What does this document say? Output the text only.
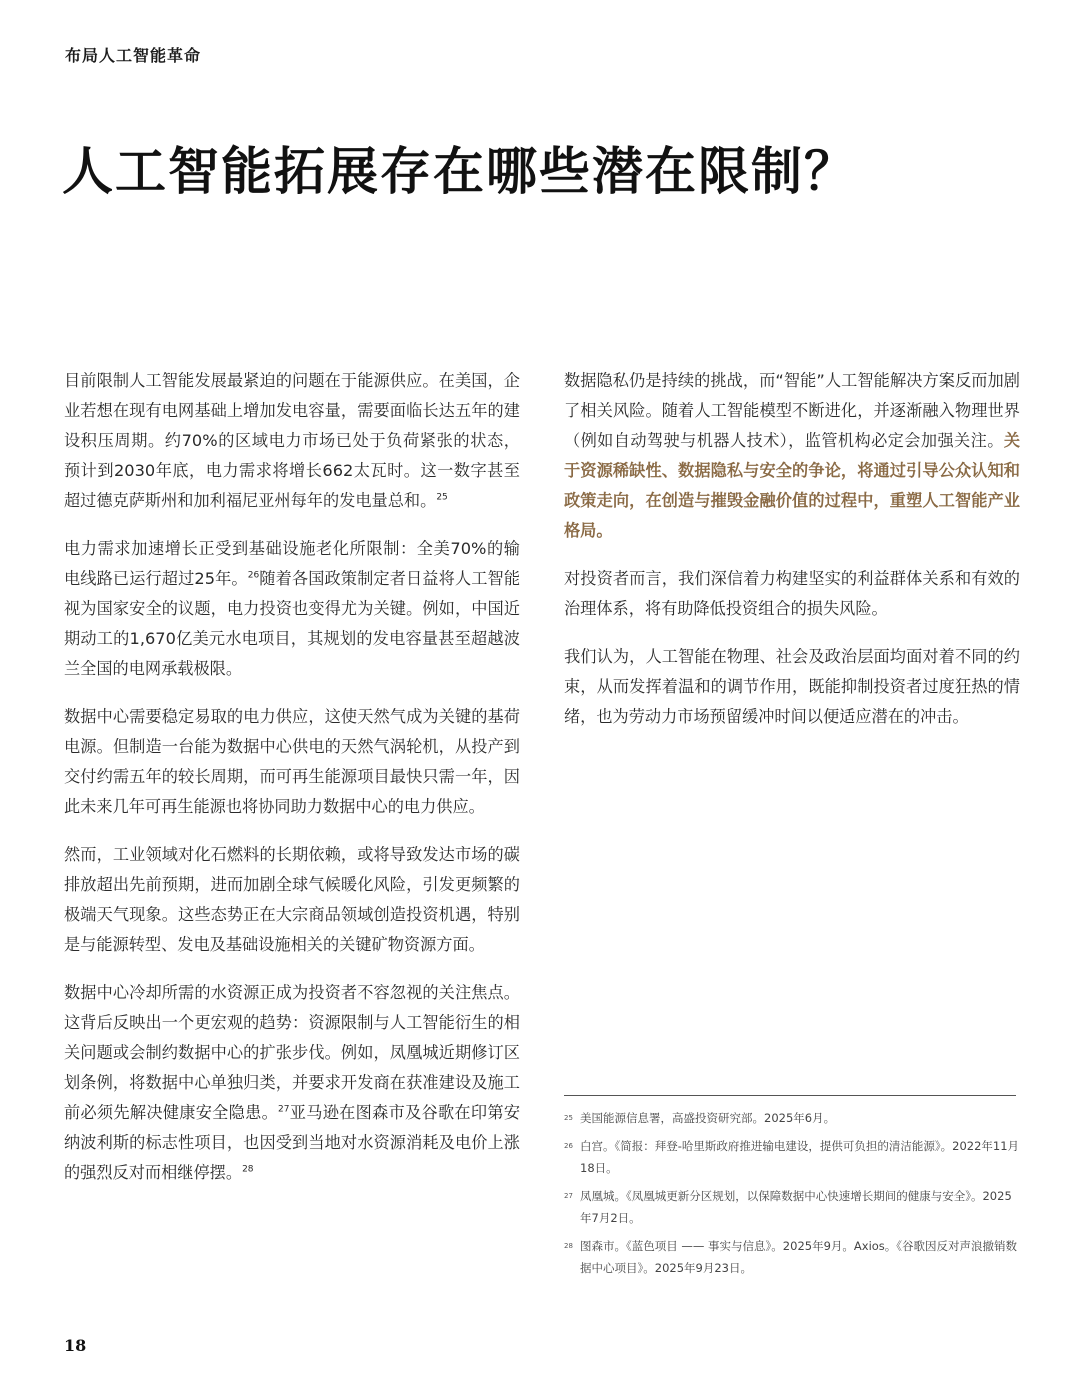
布局人工智能革命
人工智能拓展存在哪些潜在限制？

目前限制人工智能发展最紧迫的问题在于能源供应。在美国，企业若想在现有电网基础上增加发电容量，需要面临长达五年的建设积压周期。约70%的区域电力市场已处于负荷紧张的状态，预计到2030年底，电力需求将增长662太瓦时。这一数字甚至超过德克萨斯州和加利福尼亚州每年的发电量总和。$^{25}$

电力需求加速增长正受到基础设施老化所限制：全美70%的输电线路已运行超过25年。$^{26}$随着各国政策制定者日益将人工智能视为国家安全的议题，电力投资也变得尤为关键。例如，中国近期动工的1,670亿美元水电项目，其规划的发电容量甚至超越波兰全国的电网承载极限。

数据中心需要稳定易取的电力供应，这使天然气成为关键的基荷电源。但制造一台能为数据中心供电的天然气涡轮机，从投产到交付约需五年的较长周期，而可再生能源项目最快只需一年，因此未来几年可再生能源也将协同助力数据中心的电力供应。

然而，工业领域对化石燃料的长期依赖，或将导致发达市场的碳排放超出先前预期，进而加剧全球气候暖化风险，引发更频繁的极端天气现象。这些态势正在大宗商品领域创造投资机遇，特别是与能源转型、发电及基础设施相关的关键矿物资源方面。

数据中心冷却所需的水资源正成为投资者不容忽视的关注焦点。这背后反映出一个更宏观的趋势：资源限制与人工智能衍生的相关问题或会制约数据中心的扩张步伐。例如，凤凰城近期修订区划条例，将数据中心单独归类，并要求开发商在获准建设及施工前必须先解决健康安全隐患。$^{27}$亚马逊在图森市及谷歌在印第安纳波利斯的标志性项目，也因受到当地对水资源消耗及电价上涨的强烈反对而相继停摆。$^{28}$

数据隐私仍是持续的挑战，而“智能”人工智能解决方案反而加剧了相关风险。随着人工智能模型不断进化，并逐渐融入物理世界（例如自动驾驶与机器人技术），监管机构必定会加强关注。关于资源稀缺性、数据隐私与安全的争论，将通过引导公众认知和政策走向，在创造与摧毁金融价值的过程中，重塑人工智能产业格局。

对投资者而言，我们深信着力构建坚实的利益群体关系和有效的治理体系，将有助降低投资组合的损失风险。

我们认为，人工智能在物理、社会及政治层面均面对着不同的约束，从而发挥着温和的调节作用，既能抑制投资者过度狂热的情绪，也为劳动力市场预留缓冲时间以便适应潜在的冲击。

25 美国能源信息署，高盛投资研究部。2025年6月。
26 白宫。《简报：拜登-哈里斯政府推进输电建设，提供可负担的清洁能源》。2022年11月18日。
27 凤凰城。《凤凰城更新分区规划，以保障数据中心快速增长期间的健康与安全》。2025年7月2日。
28 图森市。《蓝色项目 —— 事实与信息》。2025年9月。Axios。《谷歌因反对声浪撤销数据中心项目》。2025年9月23日。
18
